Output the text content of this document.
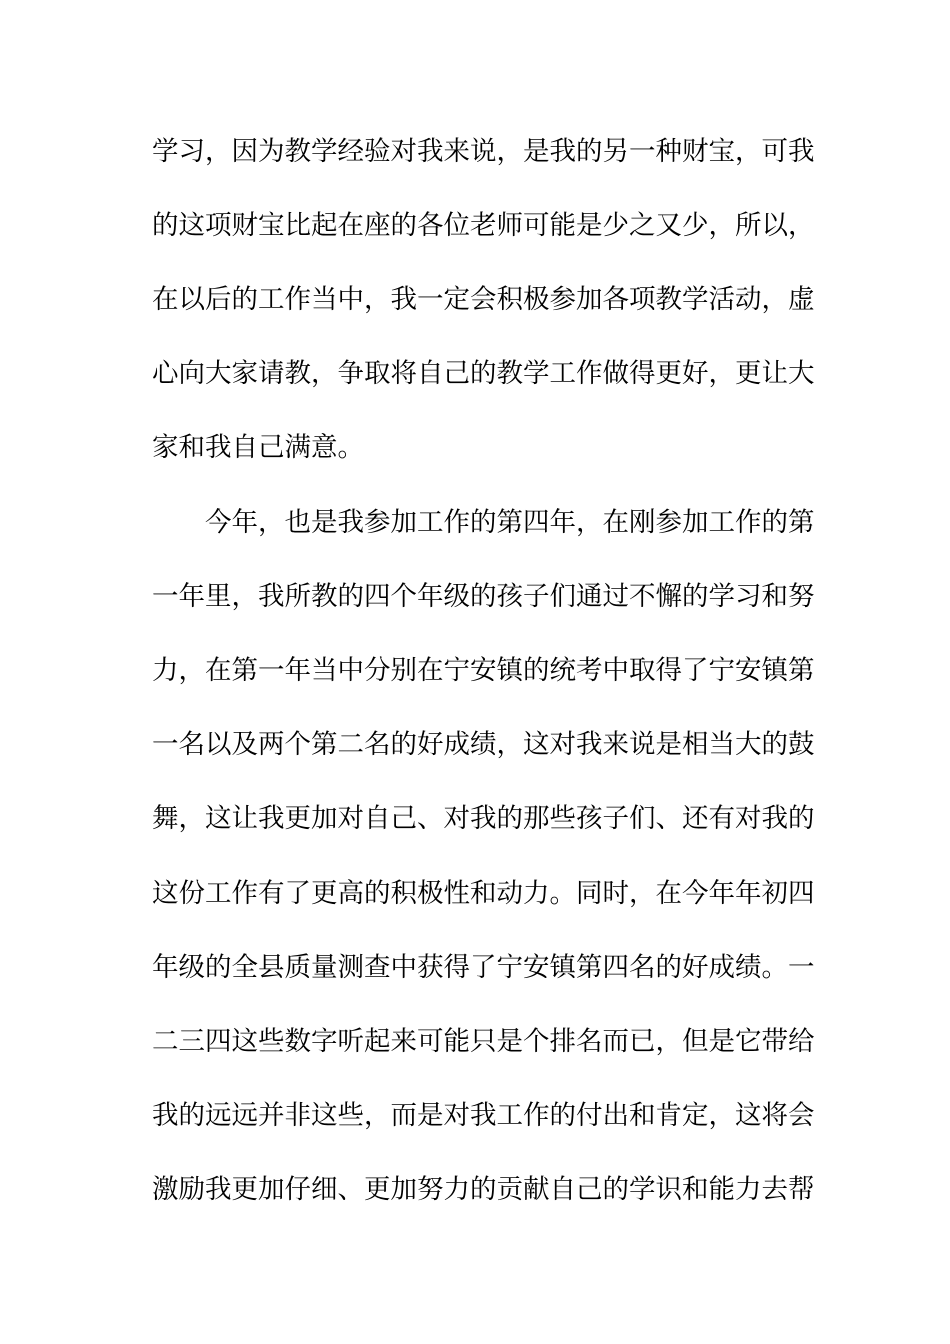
学习，因为教学经验对我来说，是我的另一种财宝，可我
的这项财宝比起在座的各位老师可能是少之又少，所以，
在以后的工作当中，我一定会积极参加各项教学活动，虚
心向大家请教，争取将自己的教学工作做得更好，更让大
家和我自己满意。
今年，也是我参加工作的第四年，在刚参加工作的第
一年里，我所教的四个年级的孩子们通过不懈的学习和努
力，在第一年当中分别在宁安镇的统考中取得了宁安镇第
一名以及两个第二名的好成绩，这对我来说是相当大的鼓
舞，这让我更加对自己、对我的那些孩子们、还有对我的
这份工作有了更高的积极性和动力。同时，在今年年初四
年级的全县质量测查中获得了宁安镇第四名的好成绩。一
二三四这些数字听起来可能只是个排名而已，但是它带给
我的远远并非这些，而是对我工作的付出和肯定，这将会
激励我更加仔细、更加努力的贡献自己的学识和能力去帮
